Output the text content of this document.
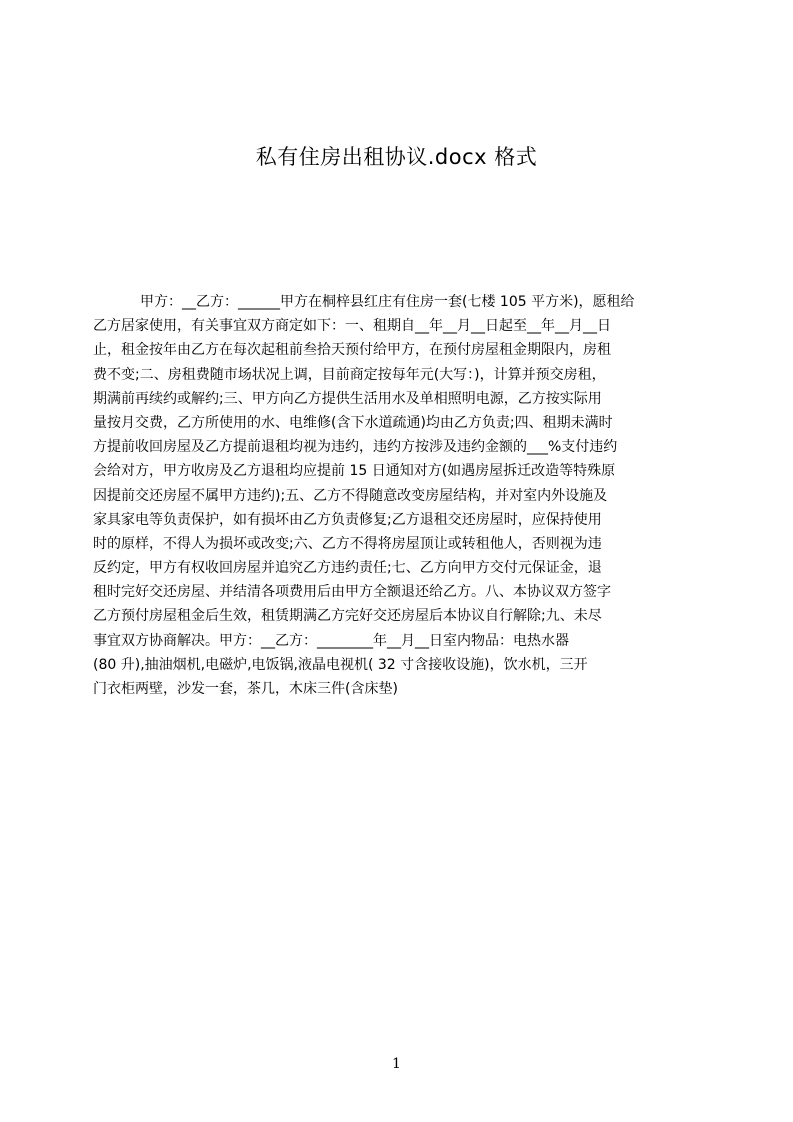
私有住房出租协议.docx 格式
甲方：__乙方：______甲方在桐梓县红庄有住房一套(七楼 105 平方米)，愿租给
乙方居家使用，有关事宜双方商定如下：一、租期自__年__月__日起至__年__月__日
止，租金按年由乙方在每次起租前叁拾天预付给甲方，在预付房屋租金期限内，房租
费不变;二、房租费随市场状况上调，目前商定按每年元(大写：)，计算并预交房租，
期满前再续约或解约;三、甲方向乙方提供生活用水及单相照明电源，乙方按实际用
量按月交费，乙方所使用的水、电维修(含下水道疏通)均由乙方负责;四、租期未满时
方提前收回房屋及乙方提前退租均视为违约，违约方按涉及违约金额的___%支付违约
会给对方，甲方收房及乙方退租均应提前 15 日通知对方(如遇房屋拆迁改造等特殊原
因提前交还房屋不属甲方违约);五、乙方不得随意改变房屋结构，并对室内外设施及
家具家电等负责保护，如有损坏由乙方负责修复;乙方退租交还房屋时，应保持使用
时的原样，不得人为损坏或改变;六、乙方不得将房屋顶让或转租他人，否则视为违
反约定，甲方有权收回房屋并追究乙方违约责任;七、乙方向甲方交付元保证金，退
租时完好交还房屋、并结清各项费用后由甲方全额退还给乙方。八、本协议双方签字
乙方预付房屋租金后生效，租赁期满乙方完好交还房屋后本协议自行解除;九、未尽
事宜双方协商解决。甲方：__乙方：________年__月__日室内物品：电热水器
(80 升),抽油烟机,电磁炉,电饭锅,液晶电视机( 32 寸含接收设施)，饮水机，三开
门衣柜两壁，沙发一套，茶几，木床三件(含床垫)
1
